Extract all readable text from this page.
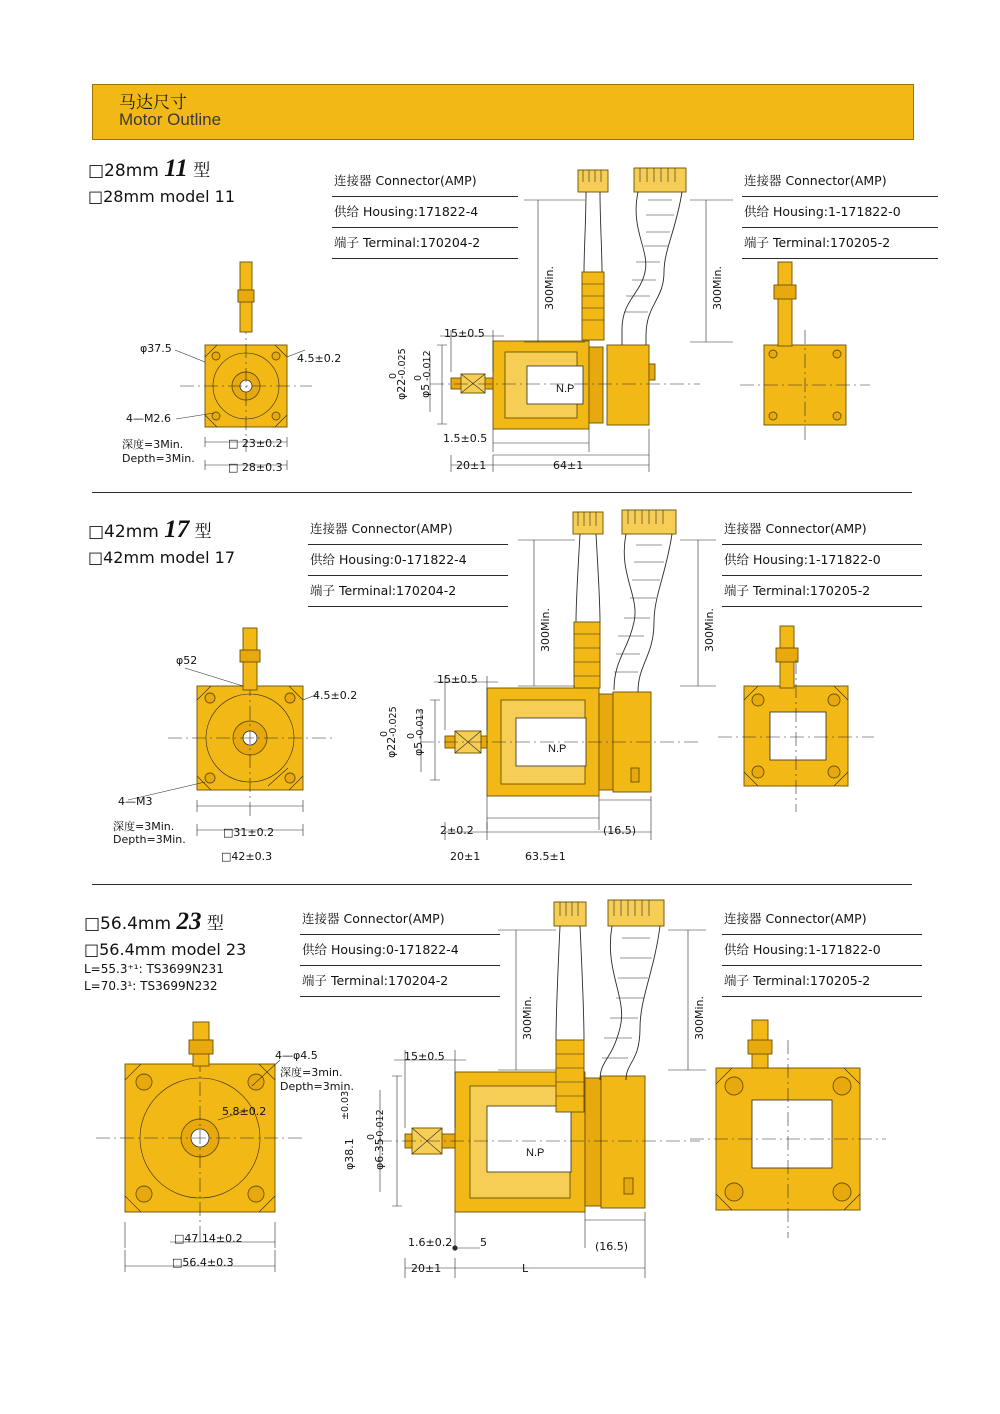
马达尺寸
Motor Outline
□28mm 11 型
□28mm model 11
连接器 Connector(AMP)
供给 Housing:171822-4
端子 Terminal:170204-2
连接器 Connector(AMP)
供给 Housing:1-171822-0
端子 Terminal:170205-2
N.P
φ37.5
4.5±0.2
4—M2.6
深度=3Min.
Depth=3Min.
□ 23±0.2
□ 28±0.3
15±0.5
φ22
0
-0.025
φ5
0
-0.012
1.5±0.5
20±1	64±1
300Min.	300Min.
□42mm 17 型
□42mm model 17
连接器 Connector(AMP)
供给 Housing:0-171822-4
端子 Terminal:170204-2
连接器 Connector(AMP)
供给 Housing:1-171822-0
端子 Terminal:170205-2
N.P
φ52
4.5±0.2
4—M3
深度=3Min.
Depth=3Min.
□31±0.2
□42±0.3
15±0.5
φ22
0
-0.025
φ5
0
-0.013
2±0.2
20±1	63.5±1
(16.5)
300Min.	300Min.
□56.4mm 23 型
□56.4mm model 23
L=55.3⁺¹: TS3699N231
L=70.3¹: TS3699N232
连接器 Connector(AMP)
供给 Housing:0-171822-4
端子 Terminal:170204-2
连接器 Connector(AMP)
供给 Housing:1-171822-0
端子 Terminal:170205-2
N.P
4—φ4.5
深度=3min.
Depth=3min.
5.8±0.2
□47.14±0.2
□56.4±0.3
15±0.5
φ38.1
±0.03
φ6.35
0
-0.012
1.6±0.2	5
20±1	L
(16.5)
300Min.	300Min.
